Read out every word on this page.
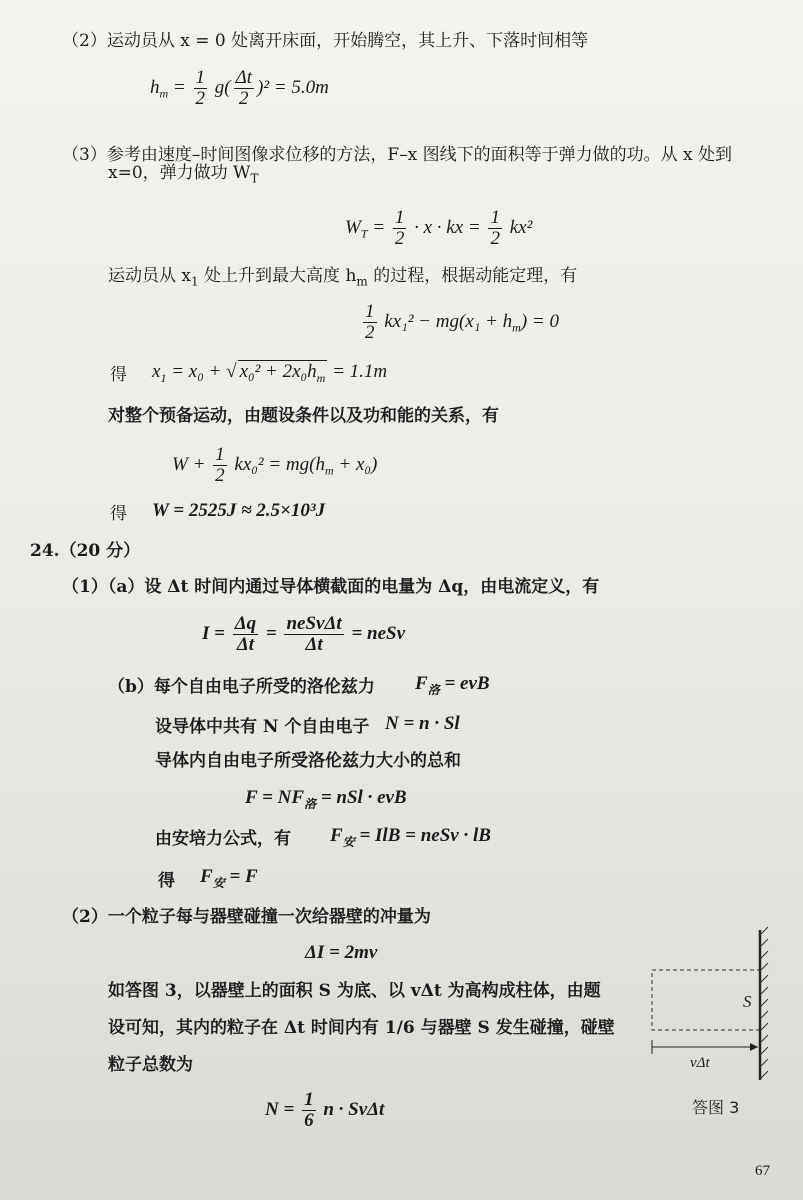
（2）运动员从 x = 0 处离开床面，开始腾空，其上升、下落时间相等
$h_m = \frac{1}{2} g( \frac{\Delta t}{2} )^2 = 5.0m$
（3）参考由速度–时间图像求位移的方法，F–x 图线下的面积等于弹力做的功。从 x 处到
x=0，弹力做功 $W_T$
$W_T = \frac{1}{2} \cdot x$ · kx = $\frac{1}{2} kx^2$
运动员从 $x_1$ 处上升到最大高度 $h_m$ 的过程，根据动能定理，有
$\frac{1}{2} kx_1^2 - mg(x_1 + h_m) = 0$
得 $x_1 = x_0$ + √ $x_0^2 + 2x_0h_m = 1.1m$
对整个预备运动，由题设条件以及功和能的关系，有
$W + \frac{1}{2} kx_0^2 = mg(h_m + x_0)$
得 W = 2525J ≈ 2.5×10³J
24.（20 分）
（1）（a）设 Δt 时间内通过导体横截面的电量为 Δq，由电流定义，有
$I = \frac{\Delta q}{\Delta t} = \frac{\text{neSvΔt}}{\Delta t}$ = neSv
（b）每个自由电子所受的洛伦兹力 $F_洛$ = evB
设导体中共有 N 个自由电子 N = n · Sl
导体内自由电子所受洛伦兹力大小的总和
$F = NF_洛$ = nSl · evB
由安培力公式，有 $F_安$ = IlB = neSv · lB
得 $F_安 = F$
（2）一个粒子每与器壁碰撞一次给器壁的冲量为
ΔI = 2mv
如答图 3，以器壁上的面积 S 为底、以 vΔt 为高构成柱体，由题
设可知，其内的粒子在 Δt 时间内有 1/6 与器壁 S 发生碰撞，碰壁
粒子总数为
$N = \frac{1}{6}$ n · SvΔt
S
vΔt
答图 3
67
